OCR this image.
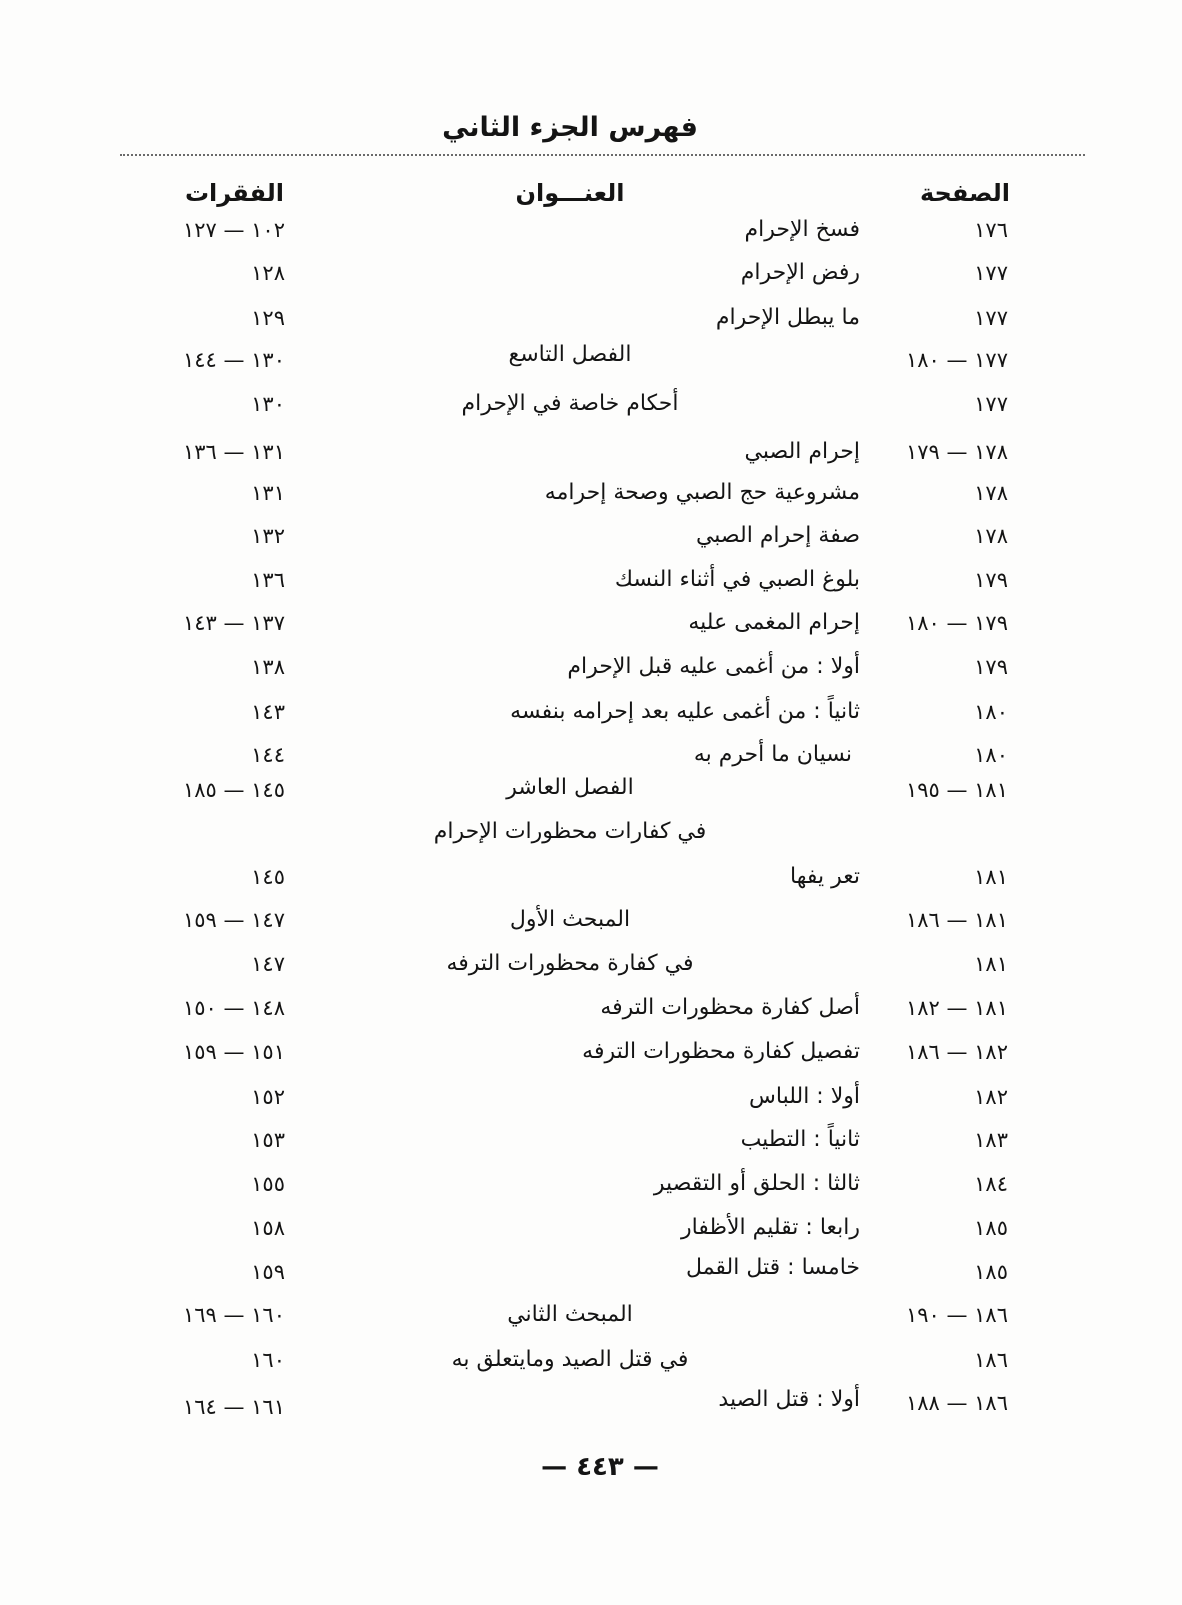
فهرس الجزء الثاني
الصفحة
العنـــوان
الفقرات
١٧٦
فسخ الإحرام
١٠٢ — ١٢٧
١٧٧
رفض الإحرام
١٢٨
١٧٧
ما يبطل الإحرام
١٢٩
١٧٧ — ١٨٠
الفصل التاسع
١٣٠ — ١٤٤
١٧٧
أحكام خاصة في الإحرام
١٣٠
١٧٨ — ١٧٩
إحرام الصبي
١٣١ — ١٣٦
١٧٨
مشروعية حج الصبي وصحة إحرامه
١٣١
١٧٨
صفة إحرام الصبي
١٣٢
١٧٩
بلوغ الصبي في أثناء النسك
١٣٦
١٧٩ — ١٨٠
إحرام المغمى عليه
١٣٧ — ١٤٣
١٧٩
أولا : من أغمى عليه قبل الإحرام
١٣٨
١٨٠
ثانياً : من أغمى عليه بعد إحرامه بنفسه
١٤٣
١٨٠
نسيان ما أحرم به
١٤٤
١٨١ — ١٩٥
الفصل العاشر
١٤٥ — ١٨٥
في كفارات محظورات الإحرام
١٨١
تعر يفها
١٤٥
١٨١ — ١٨٦
المبحث الأول
١٤٧ — ١٥٩
١٨١
في كفارة محظورات الترفه
١٤٧
١٨١ — ١٨٢
أصل كفارة محظورات الترفه
١٤٨ — ١٥٠
١٨٢ — ١٨٦
تفصيل كفارة محظورات الترفه
١٥١ — ١٥٩
١٨٢
أولا : اللباس
١٥٢
١٨٣
ثانياً : التطيب
١٥٣
١٨٤
ثالثا : الحلق أو التقصير
١٥٥
١٨٥
رابعا : تقليم الأظفار
١٥٨
١٨٥
خامسا : قتل القمل
١٥٩
١٨٦ — ١٩٠
المبحث الثاني
١٦٠ — ١٦٩
١٨٦
في قتل الصيد ومايتعلق به
١٦٠
١٨٦ — ١٨٨
أولا : قتل الصيد
١٦١ — ١٦٤
— ٤٤٣ —
